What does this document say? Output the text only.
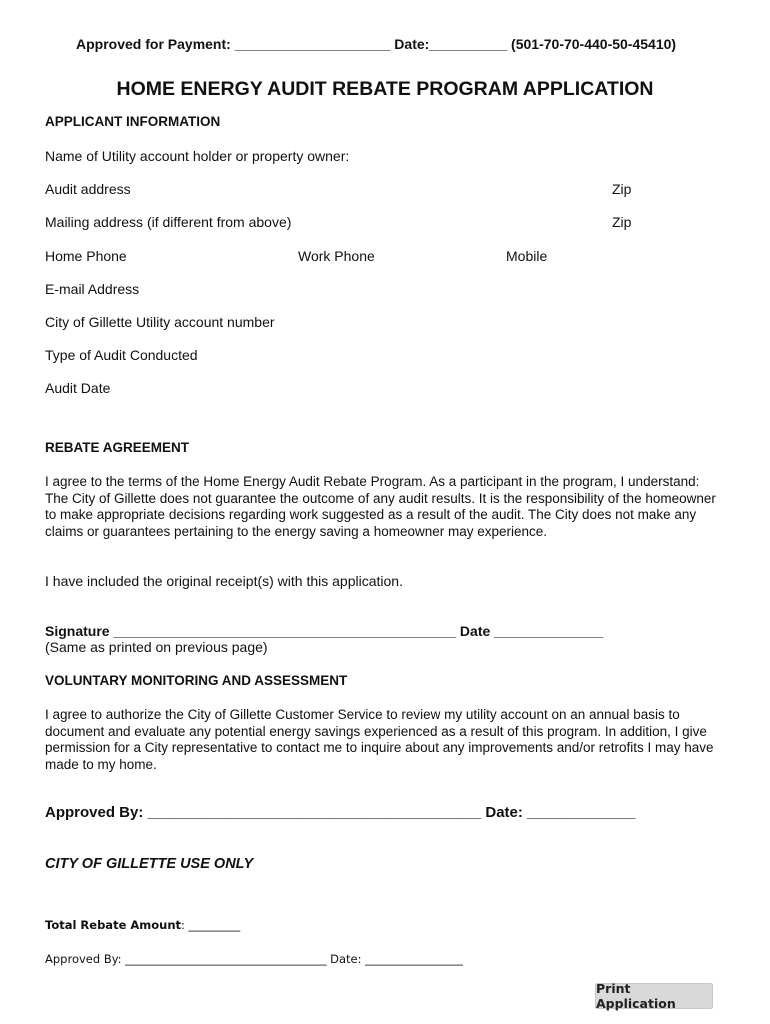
Approved for Payment: ____________________ Date:__________ (501-70-70-440-50-45410)
HOME ENERGY AUDIT REBATE PROGRAM APPLICATION
APPLICANT INFORMATION
Name of Utility account holder or property owner:
Audit address	Zip
Mailing address (if different from above)	Zip
Home Phone	Work Phone	Mobile
E-mail Address
City of Gillette Utility account number
Type of Audit Conducted
Audit Date
REBATE AGREEMENT
I agree to the terms of the Home Energy Audit Rebate Program. As a participant in the program, I understand: The City of Gillette does not guarantee the outcome of any audit results. It is the responsibility of the homeowner to make appropriate decisions regarding work suggested as a result of the audit. The City does not make any claims or guarantees pertaining to the energy saving a homeowner may experience.
I have included the original receipt(s) with this application.
Signature ____________________________________________ Date ______________
(Same as printed on previous page)
VOLUNTARY MONITORING AND ASSESSMENT
I agree to authorize the City of Gillette Customer Service to review my utility account on an annual basis to document and evaluate any potential energy savings experienced as a result of this program. In addition, I give permission for a City representative to contact me to inquire about any improvements and/or retrofits I may have made to my home.
Approved By: ________________________________________ Date: _____________
CITY OF GILLETTE USE ONLY
Total Rebate Amount: _________
Approved By: ___________________________________ Date: _________________
Print Application
